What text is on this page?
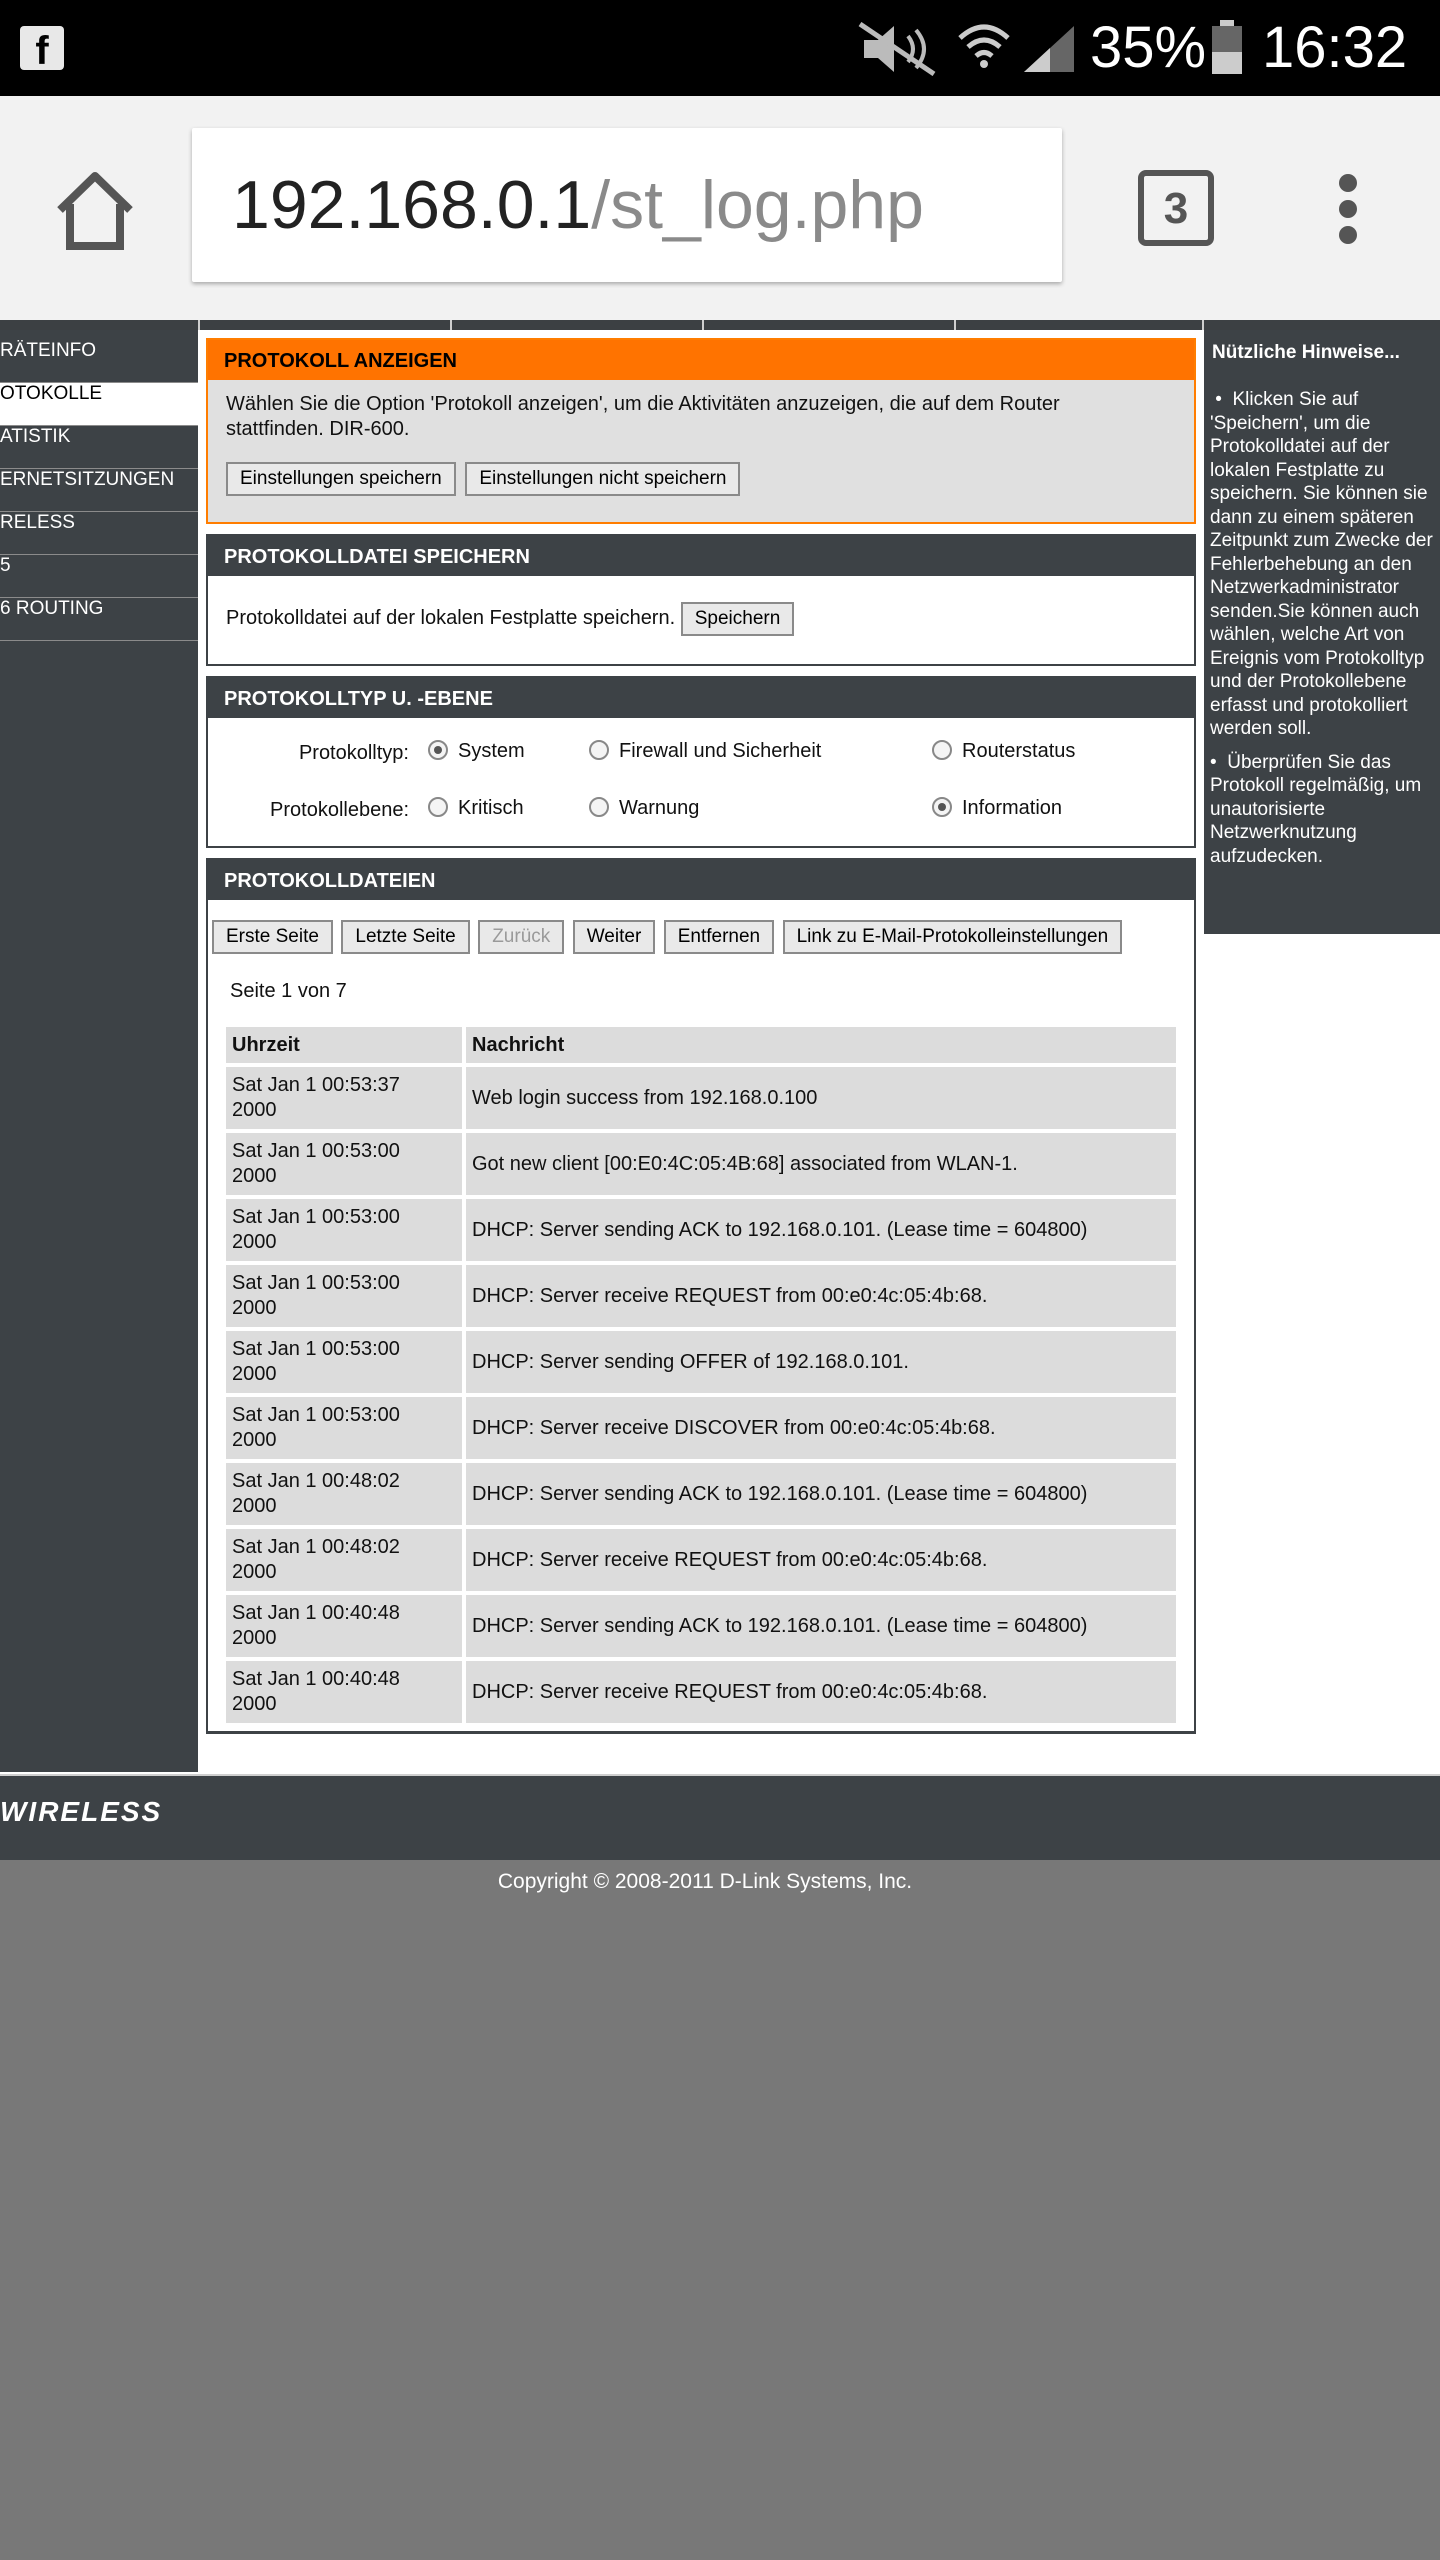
f	35% 16:32
192.168.0.1/st_log.php	3
RÄTEINFO
OTOKOLLE
ATISTIK
ERNETSITZUNGEN
RELESS
5
6 ROUTING
PROTOKOLL ANZEIGEN
Wählen Sie die Option 'Protokoll anzeigen', um die Aktivitäten anzuzeigen, die auf dem Router stattfinden. DIR-600.
Einstellungen speichern Einstellungen nicht speichern
PROTOKOLLDATEI SPEICHERN
Protokolldatei auf der lokalen Festplatte speichern. Speichern
PROTOKOLLTYP U. -EBENE
Protokolltyp:	System	Firewall und Sicherheit	Routerstatus
Protokollebene:	Kritisch	Warnung	Information
PROTOKOLLDATEIEN
Erste Seite Letzte Seite Zurück Weiter Entfernen Link zu E-Mail-Protokolleinstellungen
Seite 1 von 7
Uhrzeit	Nachricht
Sat Jan 1 00:53:37
2000	Web login success from 192.168.0.100
Sat Jan 1 00:53:00
2000	Got new client [00:E0:4C:05:4B:68] associated from WLAN-1.
Sat Jan 1 00:53:00
2000	DHCP: Server sending ACK to 192.168.0.101. (Lease time = 604800)
Sat Jan 1 00:53:00
2000	DHCP: Server receive REQUEST from 00:e0:4c:05:4b:68.
Sat Jan 1 00:53:00
2000	DHCP: Server sending OFFER of 192.168.0.101.
Sat Jan 1 00:53:00
2000	DHCP: Server receive DISCOVER from 00:e0:4c:05:4b:68.
Sat Jan 1 00:48:02
2000	DHCP: Server sending ACK to 192.168.0.101. (Lease time = 604800)
Sat Jan 1 00:48:02
2000	DHCP: Server receive REQUEST from 00:e0:4c:05:4b:68.
Sat Jan 1 00:40:48
2000	DHCP: Server sending ACK to 192.168.0.101. (Lease time = 604800)
Sat Jan 1 00:40:48
2000	DHCP: Server receive REQUEST from 00:e0:4c:05:4b:68.
Nützliche Hinweise...
•  Klicken Sie auf 'Speichern', um die Protokolldatei auf der lokalen Festplatte zu speichern. Sie können sie dann zu einem späteren Zeitpunkt zum Zwecke der Fehlerbehebung an den Netzwerkadministrator senden.Sie können auch wählen, welche Art von Ereignis vom Protokolltyp und der Protokollebene erfasst und protokolliert werden soll.
•  Überprüfen Sie das Protokoll regelmäßig, um unautorisierte Netzwerknutzung aufzudecken.
WIRELESS
Copyright © 2008-2011 D-Link Systems, Inc.
